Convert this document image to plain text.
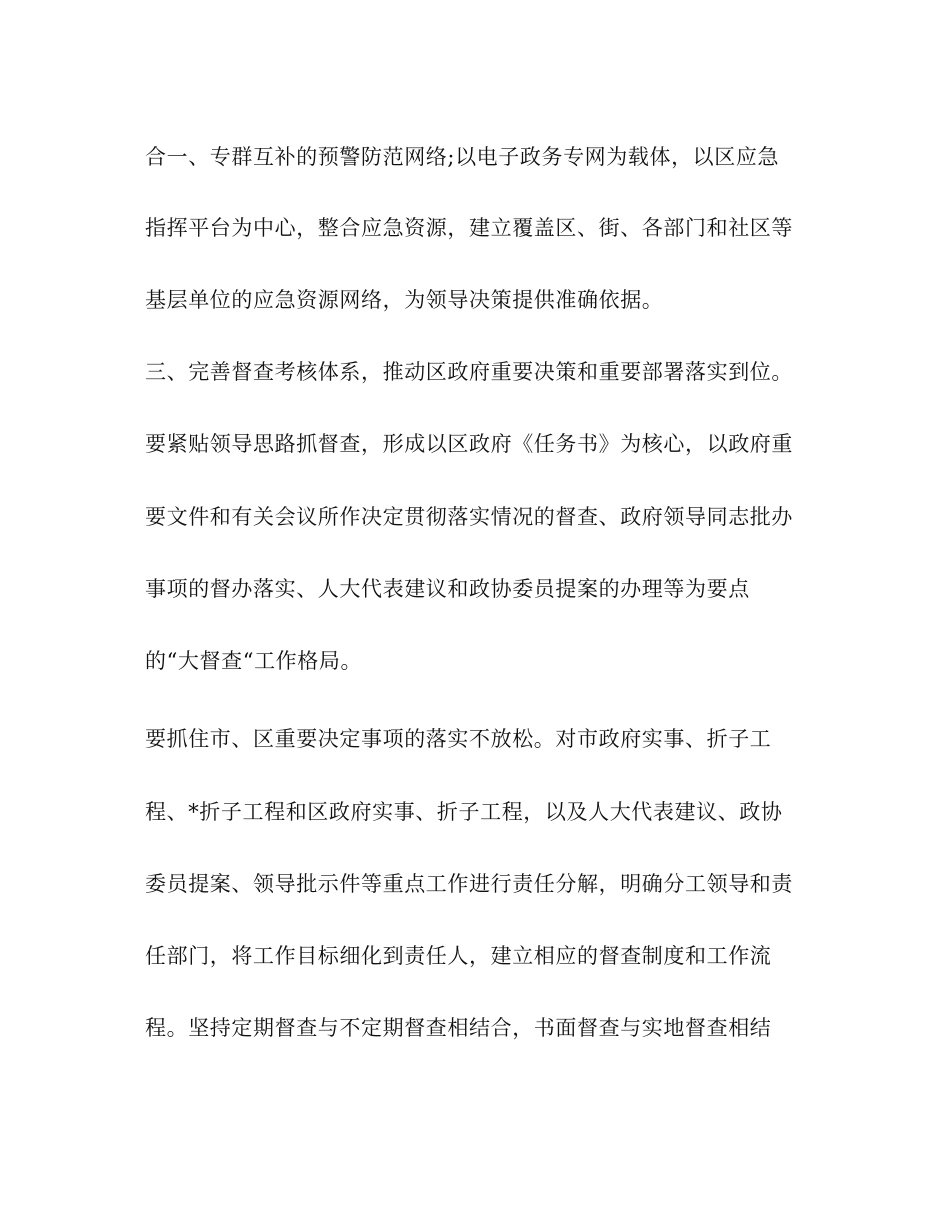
合一、专群互补的预警防范网络;以电子政务专网为载体，以区应急
指挥平台为中心，整合应急资源，建立覆盖区、街、各部门和社区等
基层单位的应急资源网络，为领导决策提供准确依据。
三、完善督查考核体系，推动区政府重要决策和重要部署落实到位。
要紧贴领导思路抓督查，形成以区政府《任务书》为核心，以政府重
要文件和有关会议所作决定贯彻落实情况的督查、政府领导同志批办
事项的督办落实、人大代表建议和政协委员提案的办理等为要点
的“大督查“工作格局。
要抓住市、区重要决定事项的落实不放松。对市政府实事、折子工
程、*折子工程和区政府实事、折子工程，以及人大代表建议、政协
委员提案、领导批示件等重点工作进行责任分解，明确分工领导和责
任部门，将工作目标细化到责任人，建立相应的督查制度和工作流
程。坚持定期督查与不定期督查相结合，书面督查与实地督查相结
